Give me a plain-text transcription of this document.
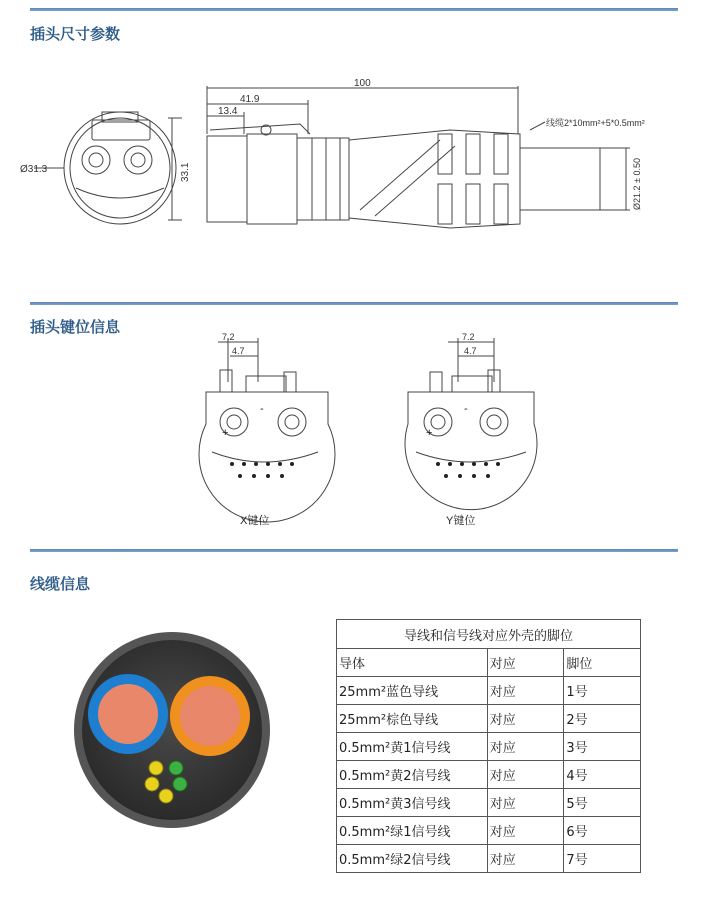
插头尺寸参数
Ø31.3	33.1
100
41.9
13.4
线缆2*10mm²+5*0.5mm²
Ø21.2 ± 0.50
插头键位信息
7.2
4.7
+
-
X键位
7.2
4.7
+
-
Y键位
线缆信息
导线和信号线对应外壳的脚位		
导体	对应	脚位
25mm²蓝色导线	对应	1号
25mm²棕色导线	对应	2号
0.5mm²黄1信号线	对应	3号
0.5mm²黄2信号线	对应	4号
0.5mm²黄3信号线	对应	5号
0.5mm²绿1信号线	对应	6号
0.5mm²绿2信号线	对应	7号
